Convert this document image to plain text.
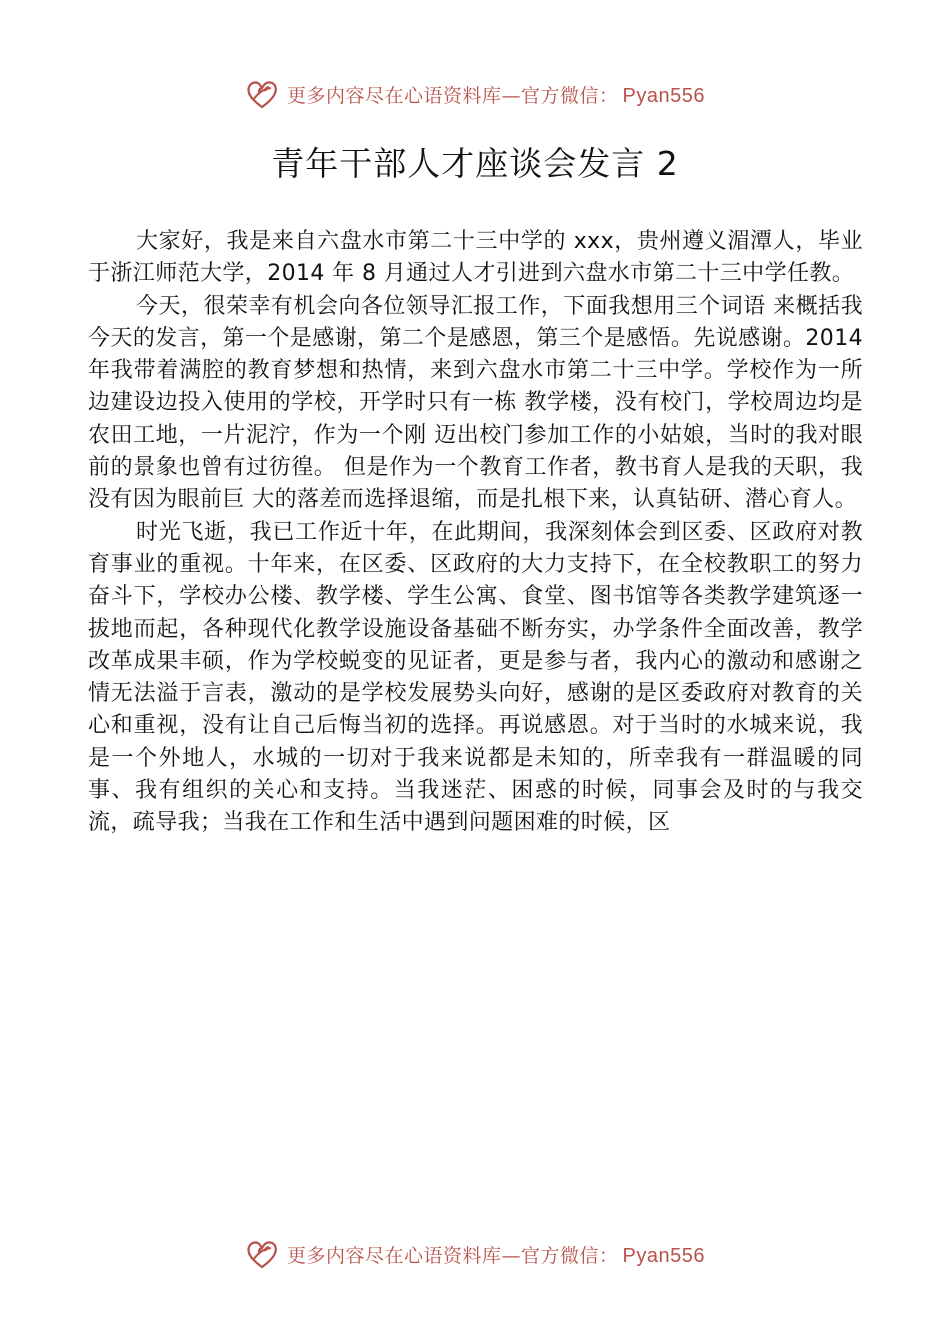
更多内容尽在心语资料库—官方微信： Pyan556
青年干部人才座谈会发言 2

大家好，我是来自六盘水市第二十三中学的 xxx，贵州遵义湄潭人，毕业于浙江师范大学，2014 年 8 月通过人才引进到六盘水市第二十三中学任教。

今天，很荣幸有机会向各位领导汇报工作，下面我想用三个词语 来概括我今天的发言，第一个是感谢，第二个是感恩，第三个是感悟。先说感谢。2014 年我带着满腔的教育梦想和热情，来到六盘水市第二十三中学。学校作为一所边建设边投入使用的学校，开学时只有一栋 教学楼，没有校门，学校周边均是农田工地，一片泥泞，作为一个刚 迈出校门参加工作的小姑娘，当时的我对眼前的景象也曾有过彷徨。 但是作为一个教育工作者，教书育人是我的天职，我没有因为眼前巨 大的落差而选择退缩，而是扎根下来，认真钻研、潜心育人。

时光飞逝，我已工作近十年，在此期间，我深刻体会到区委、区政府对教育事业的重视。十年来，在区委、区政府的大力支持下，在全校教职工的努力奋斗下，学校办公楼、教学楼、学生公寓、食堂、图书馆等各类教学建筑逐一拔地而起，各种现代化教学设施设备基础不断夯实，办学条件全面改善，教学改革成果丰硕，作为学校蜕变的见证者，更是参与者，我内心的激动和感谢之情无法溢于言表，激动的是学校发展势头向好，感谢的是区委政府对教育的关心和重视，没有让自己后悔当初的选择。再说感恩。对于当时的水城来说，我是一个外地人，水城的一切对于我来说都是未知的，所幸我有一群温暖的同事、我有组织的关心和支持。当我迷茫、困惑的时候，同事会及时的与我交流，疏导我；当我在工作和生活中遇到问题困难的时候，区

更多内容尽在心语资料库—官方微信： Pyan556
